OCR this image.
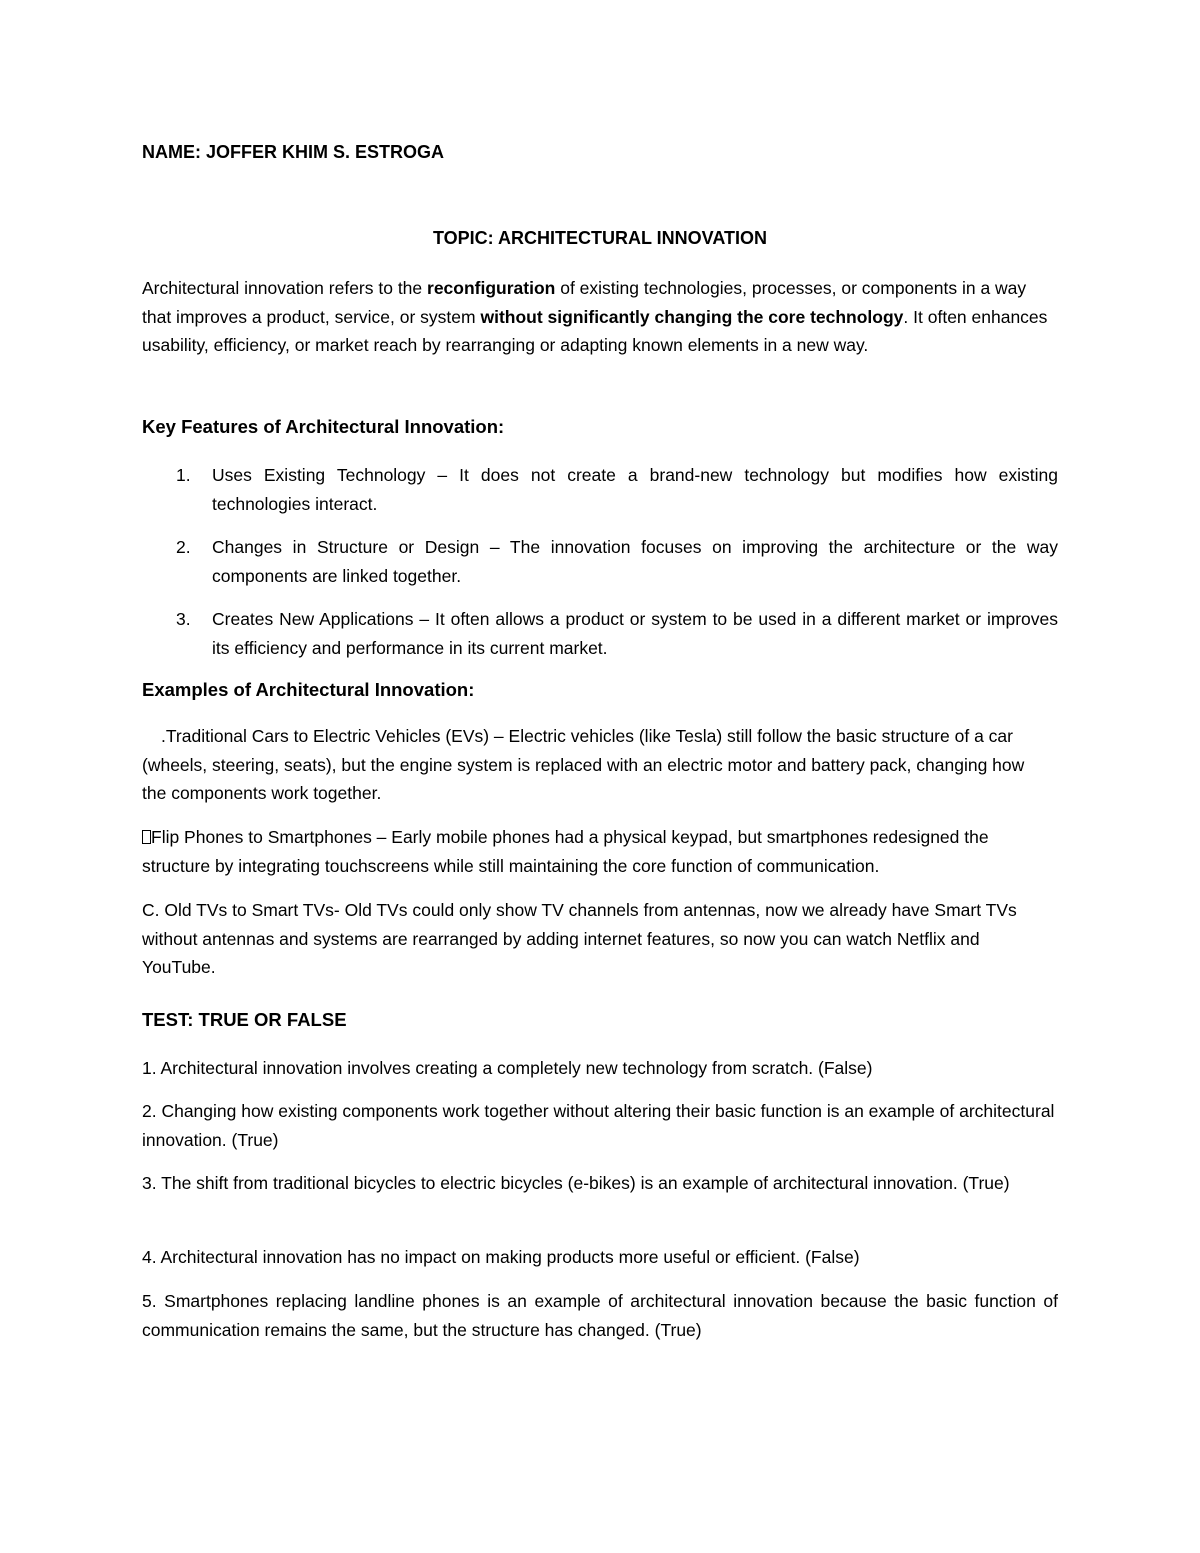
NAME: JOFFER KHIM S. ESTROGA
TOPIC: ARCHITECTURAL INNOVATION

Architectural innovation refers to the reconfiguration of existing technologies, processes, or components in a way that improves a product, service, or system without significantly changing the core technology. It often enhances usability, efficiency, or market reach by rearranging or adapting known elements in a new way.

Key Features of Architectural Innovation:
1. Uses Existing Technology – It does not create a brand-new technology but modifies how existing technologies interact.
2. Changes in Structure or Design – The innovation focuses on improving the architecture or the way components are linked together.
3. Creates New Applications – It often allows a product or system to be used in a different market or improves its efficiency and performance in its current market.
Examples of Architectural Innovation:

.Traditional Cars to Electric Vehicles (EVs) – Electric vehicles (like Tesla) still follow the basic structure of a car (wheels, steering, seats), but the engine system is replaced with an electric motor and battery pack, changing how the components work together.

Flip Phones to Smartphones – Early mobile phones had a physical keypad, but smartphones redesigned the structure by integrating touchscreens while still maintaining the core function of communication.

C. Old TVs to Smart TVs- Old TVs could only show TV channels from antennas, now we already have Smart TVs without antennas and systems are rearranged by adding internet features, so now you can watch Netflix and YouTube.

TEST: TRUE OR FALSE

1. Architectural innovation involves creating a completely new technology from scratch. (False)

2. Changing how existing components work together without altering their basic function is an example of architectural innovation. (True)

3. The shift from traditional bicycles to electric bicycles (e-bikes) is an example of architectural innovation. (True)

4. Architectural innovation has no impact on making products more useful or efficient. (False)

5. Smartphones replacing landline phones is an example of architectural innovation because the basic function of communication remains the same, but the structure has changed. (True)
